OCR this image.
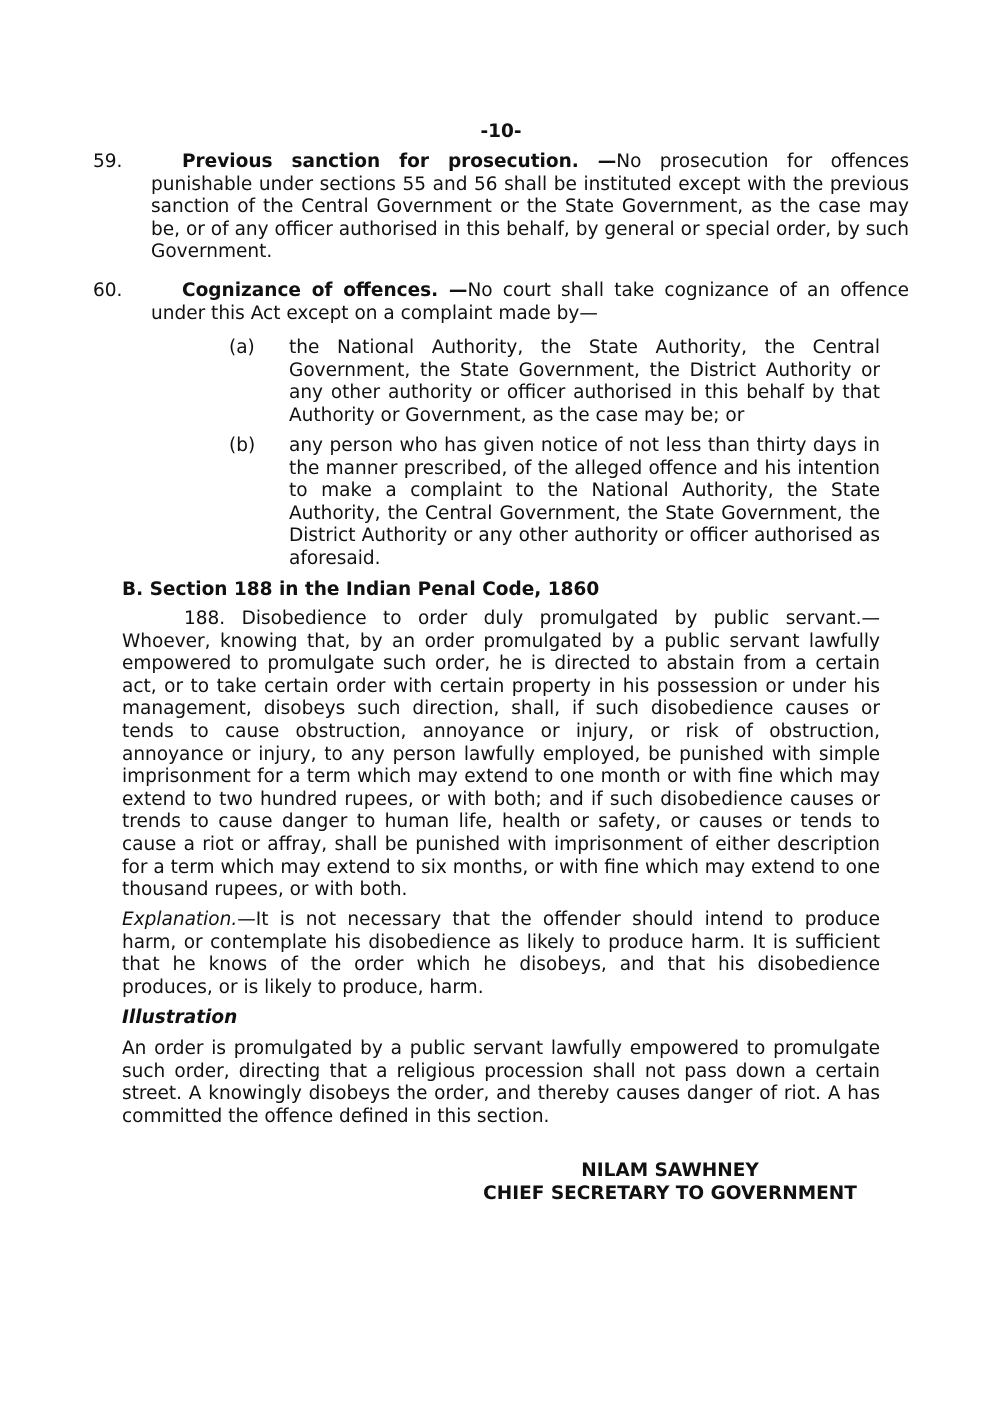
-10-
59.	Previous sanction for prosecution. —No prosecution for offences punishable under sections 55 and 56 shall be instituted except with the previous sanction of the Central Government or the State Government, as the case may be, or of any officer authorised in this behalf, by general or special order, by such Government.
60.	Cognizance of offences. —No court shall take cognizance of an offence under this Act except on a complaint made by—
(a) the National Authority, the State Authority, the Central Government, the State Government, the District Authority or any other authority or officer authorised in this behalf by that Authority or Government, as the case may be; or
(b) any person who has given notice of not less than thirty days in the manner prescribed, of the alleged offence and his intention to make a complaint to the National Authority, the State Authority, the Central Government, the State Government, the District Authority or any other authority or officer authorised as aforesaid.
B. Section 188 in the Indian Penal Code, 1860
188. Disobedience to order duly promulgated by public servant.— Whoever, knowing that, by an order promulgated by a public servant lawfully empowered to promulgate such order, he is directed to abstain from a certain act, or to take certain order with certain property in his possession or under his management, disobeys such direction, shall, if such disobedience causes or tends to cause obstruction, annoyance or injury, or risk of obstruction, annoyance or injury, to any person lawfully employed, be punished with simple imprisonment for a term which may extend to one month or with fine which may extend to two hundred rupees, or with both; and if such disobedience causes or trends to cause danger to human life, health or safety, or causes or tends to cause a riot or affray, shall be punished with imprisonment of either description for a term which may extend to six months, or with fine which may extend to one thousand rupees, or with both.
Explanation.—It is not necessary that the offender should intend to produce harm, or contemplate his disobedience as likely to produce harm. It is sufficient that he knows of the order which he disobeys, and that his disobedience produces, or is likely to produce, harm.
Illustration
An order is promulgated by a public servant lawfully empowered to promulgate such order, directing that a religious procession shall not pass down a certain street. A knowingly disobeys the order, and thereby causes danger of riot. A has committed the offence defined in this section.
NILAM SAWHNEY
CHIEF SECRETARY TO GOVERNMENT
